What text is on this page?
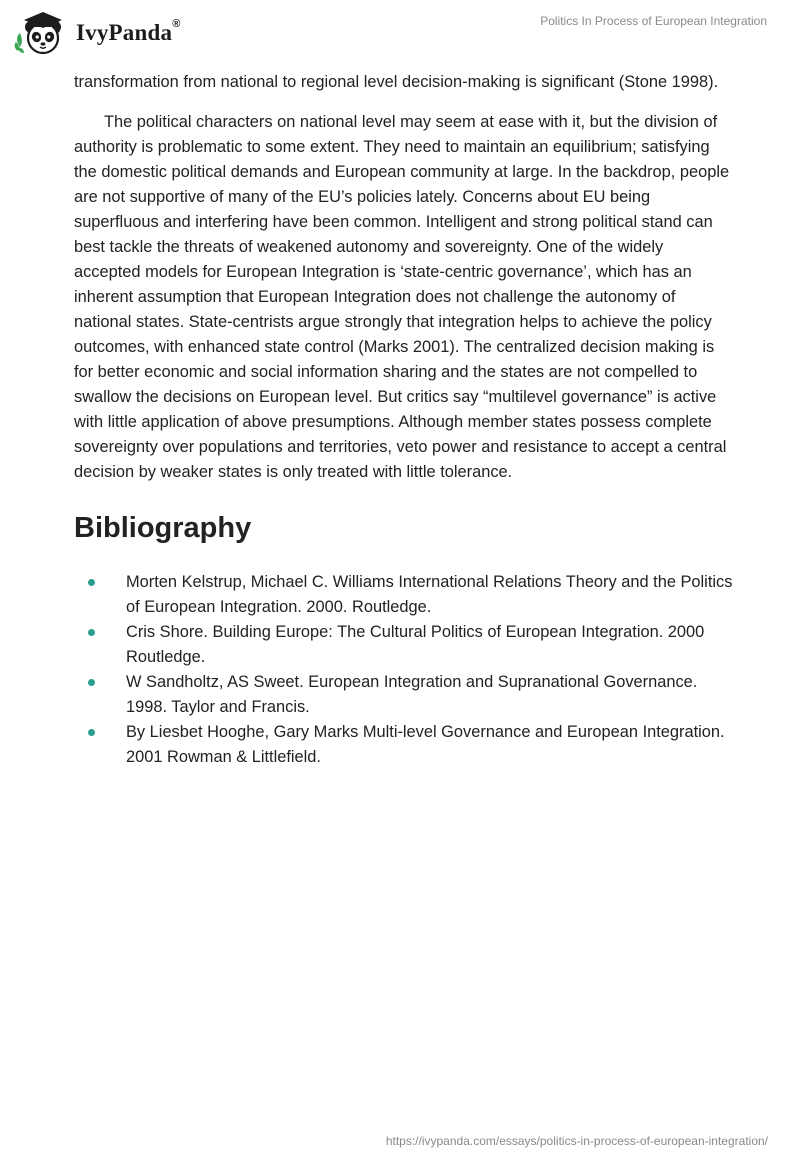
IvyPanda®	Politics In Process of European Integration

transformation from national to regional level decision-making is significant (Stone 1998).

The political characters on national level may seem at ease with it, but the division of authority is problematic to some extent. They need to maintain an equilibrium; satisfying the domestic political demands and European community at large. In the backdrop, people are not supportive of many of the EU’s policies lately. Concerns about EU being superfluous and interfering have been common. Intelligent and strong political stand can best tackle the threats of weakened autonomy and sovereignty. One of the widely accepted models for European Integration is ‘state-centric governance’, which has an inherent assumption that European Integration does not challenge the autonomy of national states. State-centrists argue strongly that integration helps to achieve the policy outcomes, with enhanced state control (Marks 2001). The centralized decision making is for better economic and social information sharing and the states are not compelled to swallow the decisions on European level. But critics say “multilevel governance” is active with little application of above presumptions. Although member states possess complete sovereignty over populations and territories, veto power and resistance to accept a central decision by weaker states is only treated with little tolerance.

Bibliography
Morten Kelstrup, Michael C. Williams International Relations Theory and the Politics of European Integration. 2000. Routledge.
Cris Shore. Building Europe: The Cultural Politics of European Integration. 2000 Routledge.
W Sandholtz, AS Sweet. European Integration and Supranational Governance. 1998. Taylor and Francis.
By Liesbet Hooghe, Gary Marks Multi-level Governance and European Integration. 2001 Rowman & Littlefield.
https://ivypanda.com/essays/politics-in-process-of-european-integration/
